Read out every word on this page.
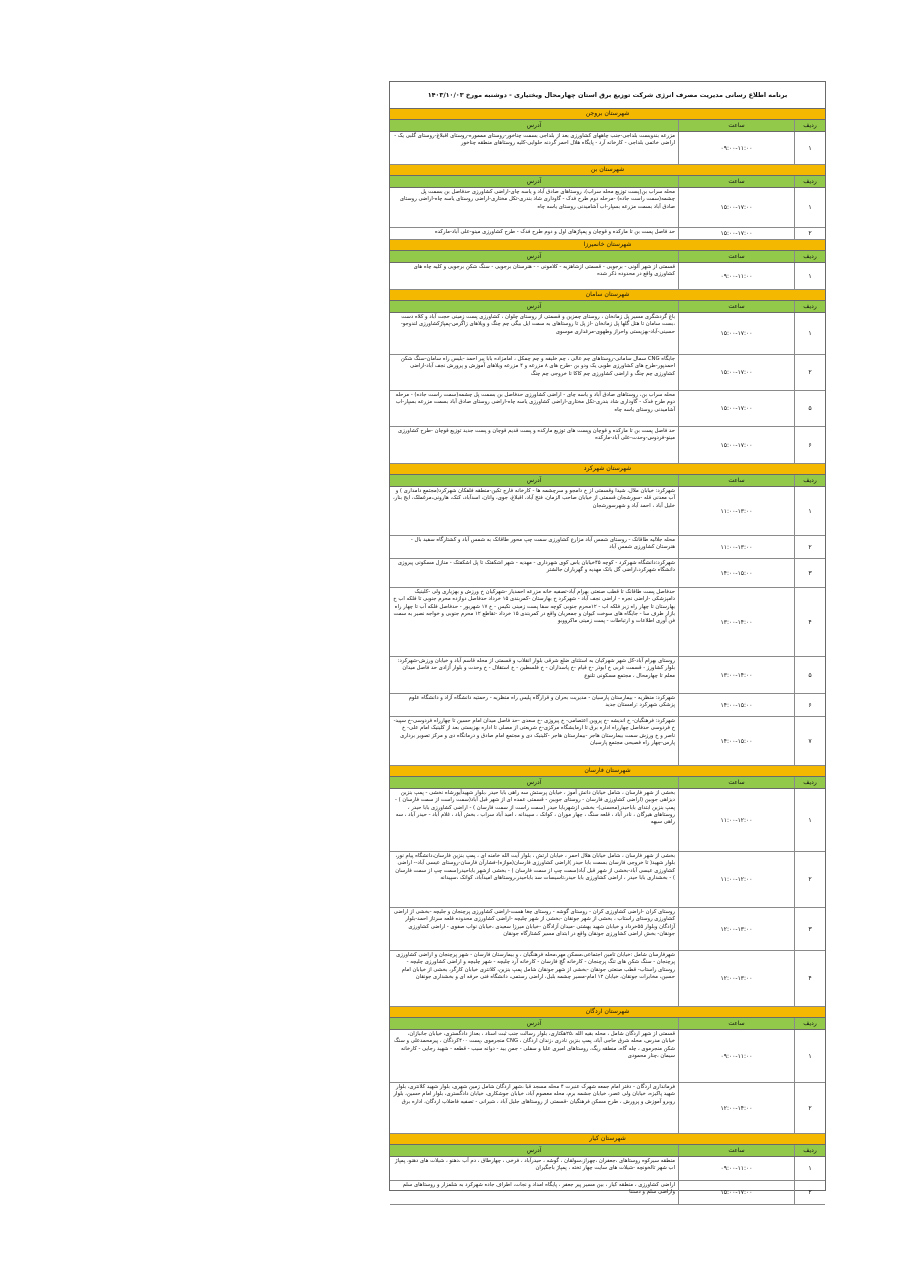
برنامه اطلاع رسانی مدیریت مصرف انرژی شرکت توزیع برق استان چهارمحال وبختیاری - دوشنبه مورخ ۱۴۰۳/۱۰/۰۳
شهرستان بروجن
ردیف
ساعت
آدرس
۱
۰۹:۰۰-۱۱:۰۰
مزرعه بندویست بلداجی-جنب چاههای کشاورزی بعد از بلداجی بسمت چناخور-روستای ممموره-روستای اقبلاغ-روستای گلبی یک - اراضی خاتمی بلداجی - کارخانه آرد - پایگاه هلال احمر گردنه حلوایی-کلیه روستاهای منطقه چناخور
شهرستان بن
ردیف
ساعت
آدرس
۱
۱۵:۰۰-۱۷:۰۰
محله سراب بن(پست توزیع محله سراب)، روستاهای صادق آباد و یاسه چای-اراضی کشاورزی حدفاصل بن بسمت پل چشمه(سمت راست جاده) -مرحله دوم طرح فدک - گاوداری شاد بندری-تکل مختاری-اراضی روستای یاسه چاه-اراضی روستای صادق آباد بسمت مزرعه بسپار-اب آشامیدنی روستای یاسه چاه
۲
۱۵:۰۰-۱۷:۰۰
حد فاصل پست بن تا مارکده و قوچان و پمپاژهای اول و دوم طرح فدک - طرح کشاورزی مینو-علی آباد-مارکده
شهرستان خانمیرزا
ردیف
ساعت
آدرس
۱
۰۹:۰۰-۱۱:۰۰
قسمتی از شهر آلونی - برجویی - قسمتی ازشاهزیه - کلامونی - - هنرستان برجویی - سنگ شکن برجویی و کلیه چاه های کشاورزی واقع در محدوده ذکر شده
شهرستان سامان
ردیف
ساعت
آدرس
۱
۱۵:۰۰-۱۷:۰۰
باغ گردشگری مسیر پل زمانخان ، روستای چمزین و قسمتی از روستای چلوان ، کشاورزی پست زمینی حجت آباد و کلاه دست ،بست سامان تا هتل گلها پل زمانخان -از پل تا روستاهای به سمت ایل بیگی چم چنگ و ویلاهای زاگرس-پمپاژکشاورزی لندوجو-حسینی-آباد-بهزیستی واحراز وطهوی-مرغداری موسوی
۲
۱۵:۰۰-۱۷:۰۰
جایگاه CNG سمال سامانی-روستاهای چم عالی ، چم خلیفه و چم چمکل ، امامزاده بابا پیر احمد -بلیس راه سامان-سنگ شکن احمدپور-طرح های کشاورزی طوبی یک ودو بن -طرح های ۸ مزرعه و ۴ مزرعه ویلاهای آموزش و پرورش نجف آباد-اراضی کشاورزی چم چنگ و اراضی کشاورزی چم کاکا تا خروجی چم چنگ
۵
۱۵:۰۰-۱۷:۰۰
محله سراب بن، روستاهای صادق آباد و یاسه چای - اراضی کشاورزی حدفاصل بن بسمت پل چشمه(سمت راست جاده) - مرحله دوم طرح فدک - گاوداری شاد بندری-تکل مختاری-اراضی کشاورزی یاسه چاه-اراضی روستای صادق آباد بسمت مزرعه بسپار-اب آشامیدنی روستای یاسه چاه
۶
۱۵:۰۰-۱۷:۰۰
حد فاصل پست بن تا مارکده و قوچان وپست های توزیع مارکده و پست قدیم قوچان و پست جدید توزیع قوچان -طرح کشاورزی مینو-فردوس-وحدت-علی آباد-مارکده
شهرستان شهرکرد
ردیف
ساعت
آدرس
۱
۱۱:۰۰-۱۳:۰۰
شهرکرد: خیابان ملال، شیدا وقسمتی از خ دامجو و سرچشمه ها - کارخانه فارج تکین-منطقه فلفکان شهرکرد(مجتمع دامداری ) و آب معدنی قله -سورشجان قسمتی از خیابان صاحب الزمان، فتح آباد، اقبلاغ، جوی، وانان، اسدآباد، کنک، هارونی،مرغملک، ایج بنار، خلیل آباد ، احمد آباد و شهرسورشجان
۲
۱۱:۰۰-۱۳:۰۰
محله جلالیه طاقانک - روستای شمس آباد مزارع کشاورزی سمت چپ محور طاقانک به شمس آباد و کشتارگاه سفید بال - هنرستان کشاورزی شمس آباد
۳
۱۴:۰۰-۱۵:۰۰
شهرکرد:دانشگاه شهرکرد - کوچه ۴۵خیابان یاس کوی شهرداری - مهدیه - شهر اشکفتک تا پل اشکفتک - منازل مسکونی پیروزی دانشگاه شهرکرد،اراضی گل بانک مهدیه و گهرباران جالشتر
۴
۱۳:۰۰-۱۴:۰۰
حدفاصل پست طاقانک تا قطب صنعتی بهرام آباد-تصفیه خانه مزرعه احمدیار -شهرکیان خ ورزش و بهزیاری ولی -کلینیک دامپزشکی -اراضی نجره - اراضی نجف آباد - شهرکرد خ بهارستان -کمربندی ۱۵ خرداد حدفاصل دوازده محرم جنوبی تا فلکه اب خ بهارستان تا چهار راه زیر فلکه اب - ۱۲محرم جنوبی کوچه سفا پست زمینی نکیس - خ ۱۷ شهریور - حدفاصل فلکه آب تا چهار راه بازار طرف سا - جایگاه های سوخت کیوان و جمعریان واقع در کمربندی ۱۵ خرداد -تقاطع ۱۲ محرم جنوبی و خواجه نصیر به سمت فن آوری اطلاعات و ارتباطات - پست زمینی ماکرووبو
۵
۱۳:۰۰-۱۴:۰۰
روستای بهرام آباد-کل شهر شهرکیان به استثنای ضلع شرقی بلوار انقلاب و قسمتی از محله قاسم آباد و خیابان ورزش-شهرکرد: بلوار کشاورز - قسمت غربی خ ابوذر -خ قیام -خ پاسداران - خ فلسطین - خ استقلال - خ وحدت و بلوار آزادی حد فاصل میدان معلم تا چهارمحال ، مجتمع مسکونی تلنوع
۶
۱۴:۰۰-۱۵:۰۰
شهرکرد: منظریه - بیمارستان پارسیان - مدیریت بحران و قرارگاه پلیس راه منظریه - رحمتیه دانشگاه آزاد و دانشگاه علوم پزشکی شهرکرد :رامستان جدید
۷
۱۴:۰۰-۱۵:۰۰
شهرکرد: فرهنگیان- خ اندیشه -خ پروین اعتصامی- خ پیروزی -خ سعدی -حد فاصل میدان امام حسین تا چهارراه فردوسی-خ سپید- خ فردوسی حدفاصل چهارراه اداره برق تا ارمایشگاه مرکزی-خ شریعتی از مصلی تا اداره بهزیستی بعد از کلینیک امام علی- خ ناصر و خ ورزش سمت بیمارستان هاجر -بیمارستان هاجر -کلینیک دی و مجتمع امام صادق و درمانگاه دی و مرکز تصویر برداری پارس-چهار راه فصیحی مجتمع پارسیان
شهرستان فارسان
ردیف
ساعت
آدرس
۱
۱۱:۰۰-۱۲:۰۰
بخشی از شهر فارسان ، شامل خیابان دانش آموز ، خیابان پرستش سه راهی بابا حیدر ،بلوار شهیدآیورشاه نخشی - پمپ بنزین دیزاهی جوبین (اراضی کشاورزی فارسان - روستای جوبین - قسمتی عمده ای از شهر قبل آباد(سمت راست از سمت فارسان ) - پمپ بنزین ابتدای باباحیدر(محسنی)- بخشی ازشهربابا حیدر (سمت راست از سمت فارسان ) - اراضی کشاورزی بابا حیدر ، روستاهای هیرگان ، نادر آباد ، قلعه سنگ ، چهار موران ، کوانک ، سپیدانه ، امید آباد سراب ، بخش آباد ، غلام آباد - حیدر آباد ، سه راهی سیهه
۲
۱۱:۰۰-۱۲:۰۰
بخشی از شهر فارسان ، شامل خیابان هلال احمر ، خیابان ارتش ، بلوار آیت الله خامنه ای ، پمپ بنزین فارسان،دانشگاه پیام نور، بلوار شهید( تا خروجی فارسان بسمت بابا حیدر )اراضی کشاورزی فارسان(موازه)-فشارآن فارسان-روستای عیسی آباد-- اراضی کشاورزی عیسی آباد-بخشی از شهر قبل آباد(سمت چپ از سمت فارسان ) - بخشی ازشهر باباحیدر(سمت چپ از سمت فارسان ) - بخشداری بابا حیدر ، اراضی کشاورزی بابا حیدر،تاسیسات سد باباحیدر،روستاهای امیدآباد، کوانک ،سپیدانه
۳
۱۲:۰۰-۱۳:۰۰
روستای کران -اراضی کشاورزی کران - روستای گوشه - روستای چغا هست-اراضی کشاورزی پرچنجان و جلیچه -بخشی از اراضی کشاورزی روستای راستاب ، بخشی از شهر جونقان -بخشی از شهر چلیچه -اراضی کشاورزی محدوده قلعه سرتاز احمد-بلوار آزادگان وبلوار ۵۵خرداد و خیابان شهید بهشتی -میدان آزادگان -خیابان میرزا سعیدی ،خیابان نواب صفوی - اراضی کشاورزی جونقان- بخش اراضی کشاورزی جونقان واقع در ابتدای مسیر کشتارگاه جونقان
۴
۱۲:۰۰-۱۳:۰۰
شهرفارسان شامل :خیابان تامین اجتماعی،مسکن مهر،محله فرهنگیان ، و بیمارستان فارسان - شهر پرچنجان و اراضی کشاورزی پرچنجان - سنگ شکن های تنگ پرچنجان - کارخانه گچ فارسان - کارخانه آرد چلیچه - شهر چلیچه و اراضی کشاورزی چلیچه - روستای راستاب- قطب صنعتی جونقان -بخشی از شهر جونقان شامل پمپ بنزین، کلانتری خیابان کارگر، بخشی از خیابان امام حسین، مخابرات جونقان، خیابان ۱۲ امام-مسیر چشمه بلبل، اراضی رستمی، دانشگاه فنی حرفه ای و بخشداری جونقان
شهرستان اردگان
ردیف
ساعت
آدرس
۱
۰۹:۰۰-۱۱:۰۰
قسمتی از شهر اردگان شامل ، محله بقیه الله ،۲۵هکتاری، بلوار رسالت جنب ثبت اسناد ، بعداز دادگستری، خیابان جانبازان، خیابان مدرس، محله شرق حاجی آباد، پمپ بنزین نادری ،زندان اردگان ، CNG منجرموی ،پست ۴۰۰کردگان ، پیرمحمدعلی و سنگ شکن منجرموی ، چله گاه، منطقه ریگ، روستاهای امیری علیا و سفلی - جمن بید - دوانه سیب - قطعه - شهید رجایی - کارخانه سیمان ،چنار محمودی
۲
۱۲:۰۰-۱۴:۰۰
فرمانداری اردگان - دفتر امام جمعه شهرک عنبرت ۴ محله مسجد قبا ،شهر اردگان شامل زمین شهری، بلوار شهید کلانتری، بلوار شهید پاکیزه، خیابان ولی عصر، خیابان جشمه برم، محله معصوم آباد، خیابان جوشکاری، خیابان دادگستری، بلوار امام حسین، بلوار روبرو آموزش و پرورش ، طرح مسکن فرهنگیان -قسمتی از روستاهای جلیل آباد ، شیرانی - تصفیه فاضلاب اردگان، اداره برق
شهرستان کیار
ردیف
ساعت
آدرس
۱
۰۹:۰۰-۱۱:۰۰
منطقه سیرکوه روستاهای ،جعفران ،چهراز،سولقان ، گوشه ، حیدرآباد ، فرخی ، چهارطاق ، دم آب ،دهنو ، شیلات های دهنو، پمپاژ اب شهر تالخونچه -شیلات های سایت چهار تخته ، پمپاژ باجگیران
۲
۱۵:۰۰-۱۷:۰۰
اراضی کشاورزی ، منطقه کیار ، بین مسیر پیر جعفر ، پایگاه امداد و نجات، اطراف جاده شهرکرد به شلمزار و روستاهای سلم واراضی سلم و دستنا
